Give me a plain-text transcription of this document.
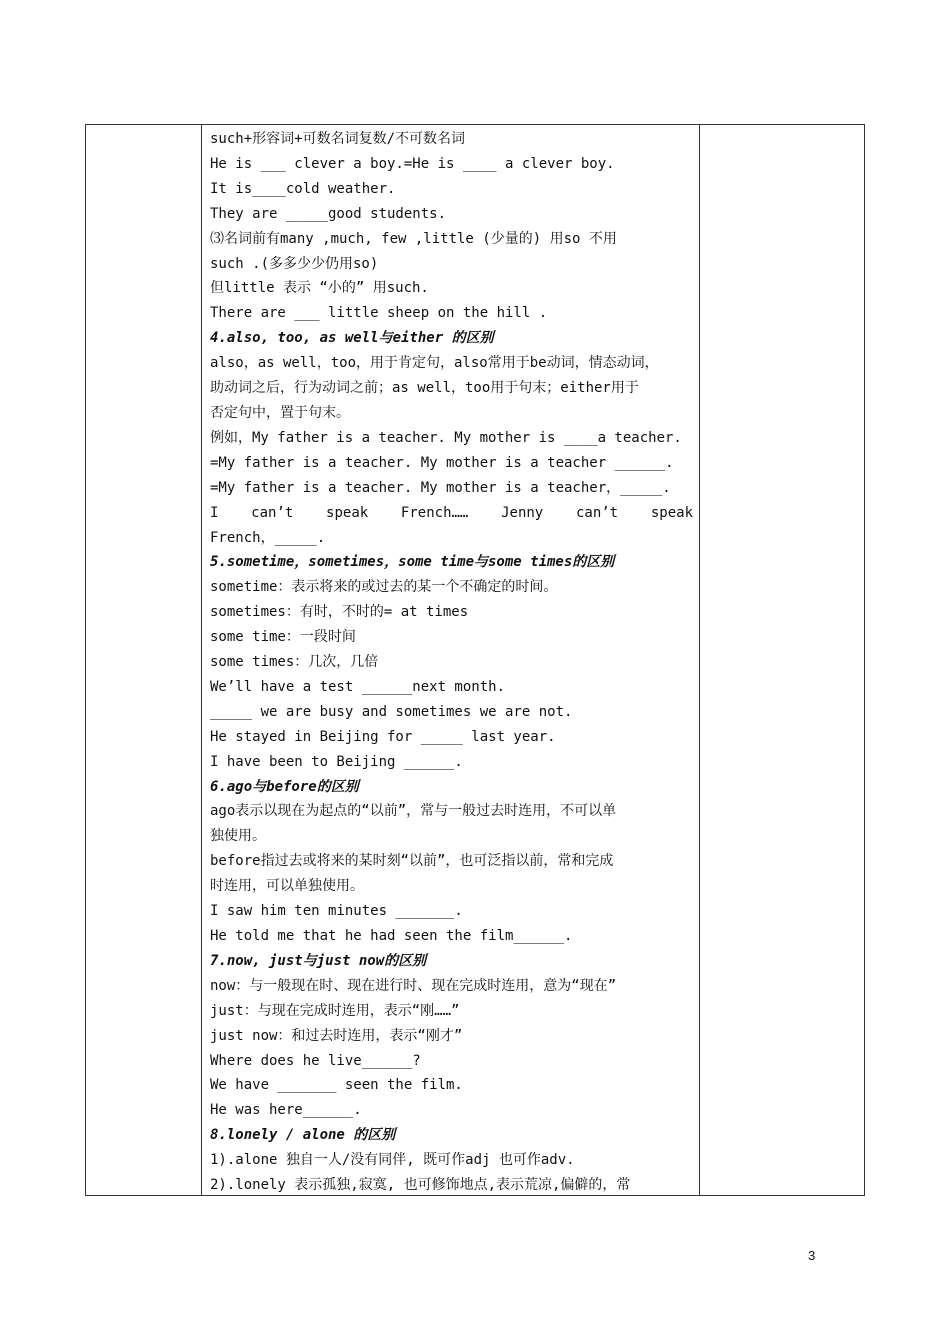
such+形容词+可数名词复数/不可数名词
He is ___ clever a boy.=He is ____ a clever boy.
It is____cold weather.
They are _____good students.
⑶名词前有many ,much, few ,little (少量的) 用so 不用
such .(多多少少仍用so)
但little 表示 “小的” 用such.
There are ___ little sheep on the hill .
4.also, too, as well与either 的区别
also，as well，too，用于肯定句，also常用于be动词，情态动词，
助动词之后，行为动词之前；as well，too用于句末；either用于
否定句中，置于句末。
例如，My father is a teacher. My mother is ____a teacher.
=My father is a teacher. My mother is a teacher ______.
=My father is a teacher. My mother is a teacher，_____.
I can’t speak French…… Jenny can’t speak
French，_____.
5.sometime，sometimes，some time与some times的区别
sometime：表示将来的或过去的某一个不确定的时间。
sometimes：有时，不时的= at times
some time：一段时间
some times：几次，几倍
We’ll have a test ______next month.
_____ we are busy and sometimes we are not.
He stayed in Beijing for _____ last year.
I have been to Beijing ______.
6.ago与before的区别
ago表示以现在为起点的“以前”，常与一般过去时连用，不可以单
独使用。
before指过去或将来的某时刻“以前”，也可泛指以前，常和完成
时连用，可以单独使用。
I saw him ten minutes _______.
He told me that he had seen the film______.
7.now, just与just now的区别
now：与一般现在时、现在进行时、现在完成时连用，意为“现在”
just：与现在完成时连用，表示“刚……”
just now：和过去时连用，表示“刚才”
Where does he live______?
We have _______ seen the film.
He was here______.
8.lonely / alone 的区别
1).alone 独自一人/没有同伴, 既可作adj 也可作adv.
2).lonely 表示孤独,寂寞, 也可修饰地点,表示荒凉,偏僻的，常
3
